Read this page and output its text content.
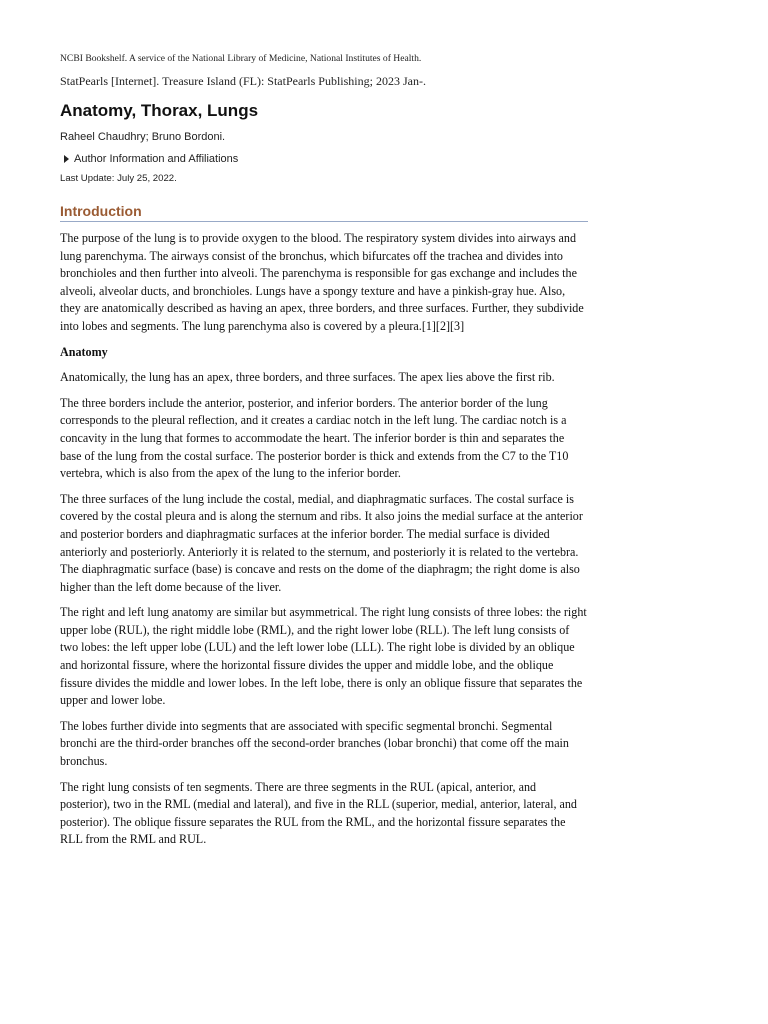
NCBI Bookshelf. A service of the National Library of Medicine, National Institutes of Health.

StatPearls [Internet]. Treasure Island (FL): StatPearls Publishing; 2023 Jan-.

Anatomy, Thorax, Lungs

Raheel Chaudhry; Bruno Bordoni.

Author Information and Affiliations

Last Update: July 25, 2022.

Introduction

The purpose of the lung is to provide oxygen to the blood. The respiratory system divides into airways and lung parenchyma. The airways consist of the bronchus, which bifurcates off the trachea and divides into bronchioles and then further into alveoli. The parenchyma is responsible for gas exchange and includes the alveoli, alveolar ducts, and bronchioles. Lungs have a spongy texture and have a pinkish-gray hue. Also, they are anatomically described as having an apex, three borders, and three surfaces. Further, they subdivide into lobes and segments. The lung parenchyma also is covered by a pleura.[1][2][3]

Anatomy

Anatomically, the lung has an apex, three borders, and three surfaces. The apex lies above the first rib.

The three borders include the anterior, posterior, and inferior borders. The anterior border of the lung corresponds to the pleural reflection, and it creates a cardiac notch in the left lung. The cardiac notch is a concavity in the lung that formes to accommodate the heart. The inferior border is thin and separates the base of the lung from the costal surface. The posterior border is thick and extends from the C7 to the T10 vertebra, which is also from the apex of the lung to the inferior border.

The three surfaces of the lung include the costal, medial, and diaphragmatic surfaces. The costal surface is covered by the costal pleura and is along the sternum and ribs. It also joins the medial surface at the anterior and posterior borders and diaphragmatic surfaces at the inferior border. The medial surface is divided anteriorly and posteriorly. Anteriorly it is related to the sternum, and posteriorly it is related to the vertebra. The diaphragmatic surface (base) is concave and rests on the dome of the diaphragm; the right dome is also higher than the left dome because of the liver.

The right and left lung anatomy are similar but asymmetrical. The right lung consists of three lobes: the right upper lobe (RUL), the right middle lobe (RML), and the right lower lobe (RLL). The left lung consists of two lobes: the left upper lobe (LUL) and the left lower lobe (LLL). The right lobe is divided by an oblique and horizontal fissure, where the horizontal fissure divides the upper and middle lobe, and the oblique fissure divides the middle and lower lobes. In the left lobe, there is only an oblique fissure that separates the upper and lower lobe.

The lobes further divide into segments that are associated with specific segmental bronchi. Segmental bronchi are the third-order branches off the second-order branches (lobar bronchi) that come off the main bronchus.

The right lung consists of ten segments. There are three segments in the RUL (apical, anterior, and posterior), two in the RML (medial and lateral), and five in the RLL (superior, medial, anterior, lateral, and posterior). The oblique fissure separates the RUL from the RML, and the horizontal fissure separates the RLL from the RML and RUL.
